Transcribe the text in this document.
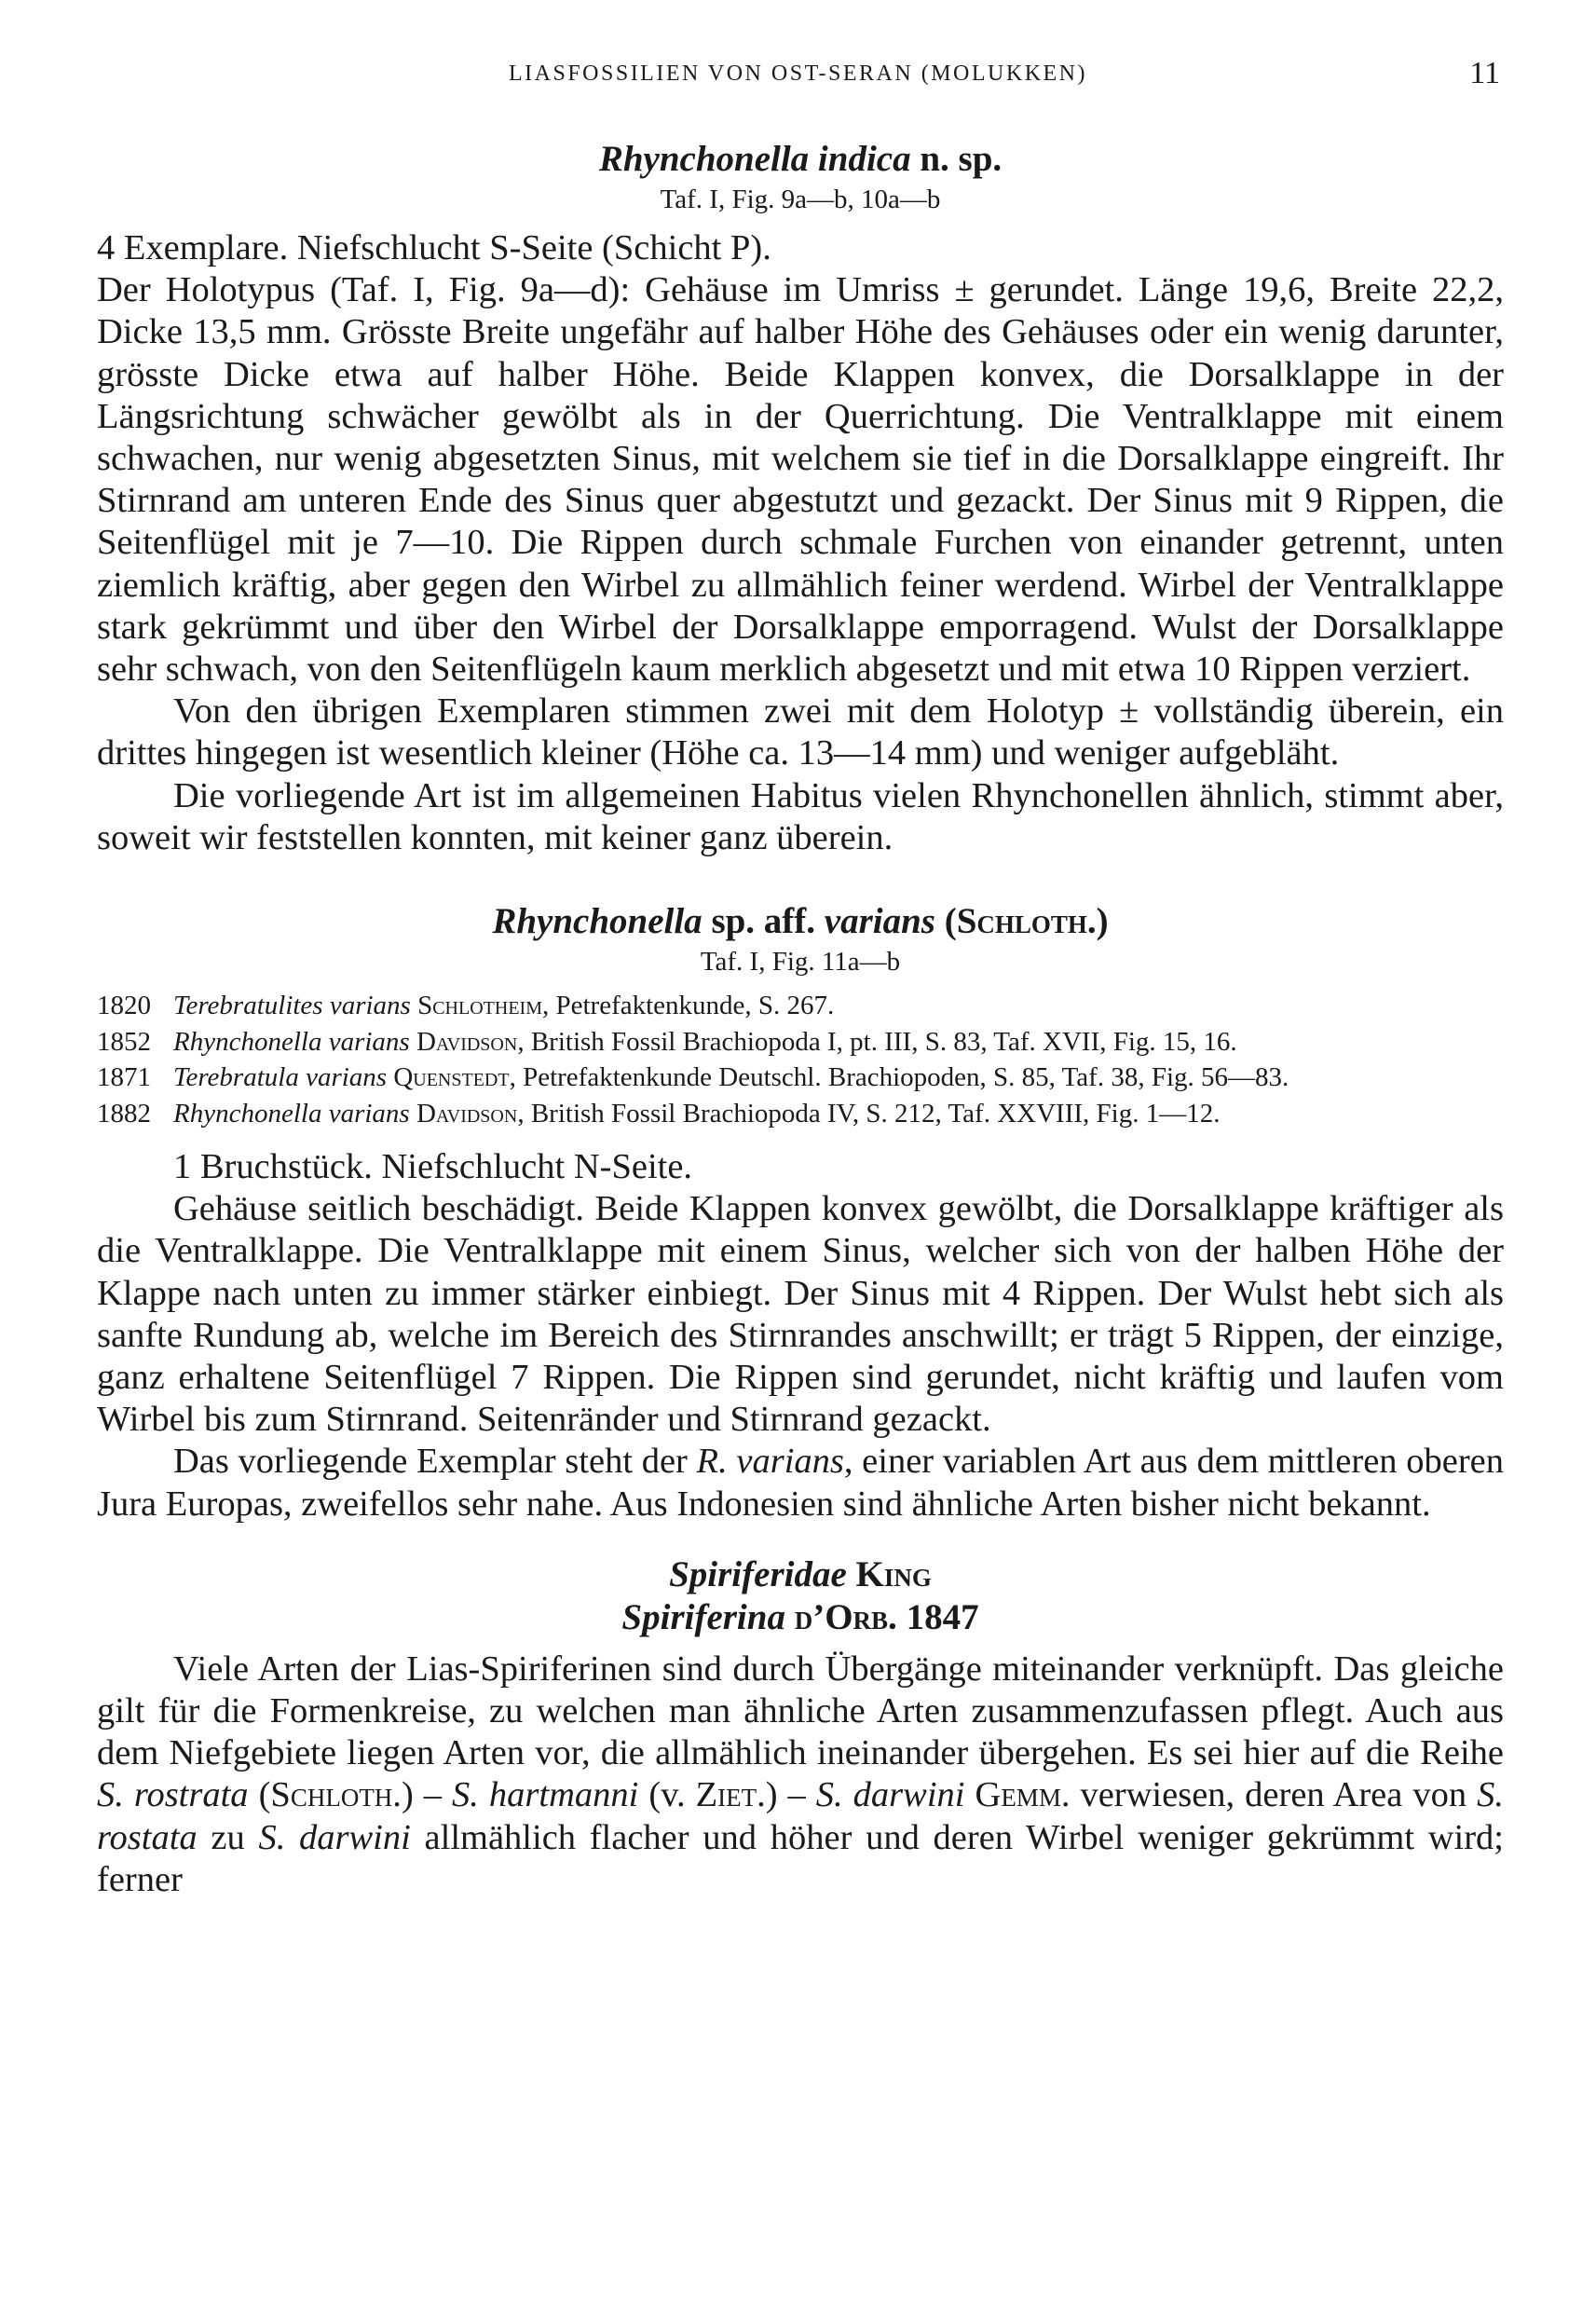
LIASFOSSILIEN VON OST-SERAN (MOLUKKEN)	11
Rhynchonella indica n. sp.

Taf. I, Fig. 9a—b, 10a—b

4 Exemplare. Niefschlucht S-Seite (Schicht P).

Der Holotypus (Taf. I, Fig. 9a—d): Gehäuse im Umriss ± gerundet. Länge 19,6, Breite 22,2, Dicke 13,5 mm. Grösste Breite ungefähr auf halber Höhe des Gehäuses oder ein wenig darunter, grösste Dicke etwa auf halber Höhe. Beide Klappen konvex, die Dorsalklappe in der Längsrichtung schwächer gewölbt als in der Querrichtung. Die Ventralklappe mit einem schwachen, nur wenig abgesetzten Sinus, mit welchem sie tief in die Dorsalklappe eingreift. Ihr Stirnrand am unteren Ende des Sinus quer abgestutzt und gezackt. Der Sinus mit 9 Rippen, die Seitenflügel mit je 7—10. Die Rippen durch schmale Furchen von einander getrennt, unten ziemlich kräftig, aber gegen den Wirbel zu allmählich feiner werdend. Wirbel der Ventralklappe stark gekrümmt und über den Wirbel der Dorsalklappe emporragend. Wulst der Dorsalklappe sehr schwach, von den Seitenflügeln kaum merklich abgesetzt und mit etwa 10 Rippen verziert.

Von den übrigen Exemplaren stimmen zwei mit dem Holotyp ± vollständig überein, ein drittes hingegen ist wesentlich kleiner (Höhe ca. 13—14 mm) und weniger aufgebläht.

Die vorliegende Art ist im allgemeinen Habitus vielen Rhynchonellen ähnlich, stimmt aber, soweit wir feststellen konnten, mit keiner ganz überein.

Rhynchonella sp. aff. varians (Schloth.)

Taf. I, Fig. 11a—b

1820 Terebratulites varians Schlotheim, Petrefaktenkunde, S. 267.
1852 Rhynchonella varians Davidson, British Fossil Brachiopoda I, pt. III, S. 83, Taf. XVII, Fig. 15, 16.
1871 Terebratula varians Quenstedt, Petrefaktenkunde Deutschl. Brachiopoden, S. 85, Taf. 38, Fig. 56—83.
1882 Rhynchonella varians Davidson, British Fossil Brachiopoda IV, S. 212, Taf. XXVIII, Fig. 1—12.

1 Bruchstück. Niefschlucht N-Seite.

Gehäuse seitlich beschädigt. Beide Klappen konvex gewölbt, die Dorsalklappe kräftiger als die Ventralklappe. Die Ventralklappe mit einem Sinus, welcher sich von der halben Höhe der Klappe nach unten zu immer stärker einbiegt. Der Sinus mit 4 Rippen. Der Wulst hebt sich als sanfte Rundung ab, welche im Bereich des Stirnrandes anschwillt; er trägt 5 Rippen, der einzige, ganz erhaltene Seitenflügel 7 Rippen. Die Rippen sind gerundet, nicht kräftig und laufen vom Wirbel bis zum Stirnrand. Seitenränder und Stirnrand gezackt.

Das vorliegende Exemplar steht der R. varians, einer variablen Art aus dem mittleren oberen Jura Europas, zweifellos sehr nahe. Aus Indonesien sind ähnliche Arten bisher nicht bekannt.

Spiriferidae King
Spiriferina d’Orb. 1847

Viele Arten der Lias-Spiriferinen sind durch Übergänge miteinander verknüpft. Das gleiche gilt für die Formenkreise, zu welchen man ähnliche Arten zusammenzufassen pflegt. Auch aus dem Niefgebiete liegen Arten vor, die allmählich ineinander übergehen. Es sei hier auf die Reihe S. rostrata (Schloth.) – S. hartmanni (v. Ziet.) – S. darwini Gemm. verwiesen, deren Area von S. rostata zu S. darwini allmählich flacher und höher und deren Wirbel weniger gekrümmt wird; ferner
